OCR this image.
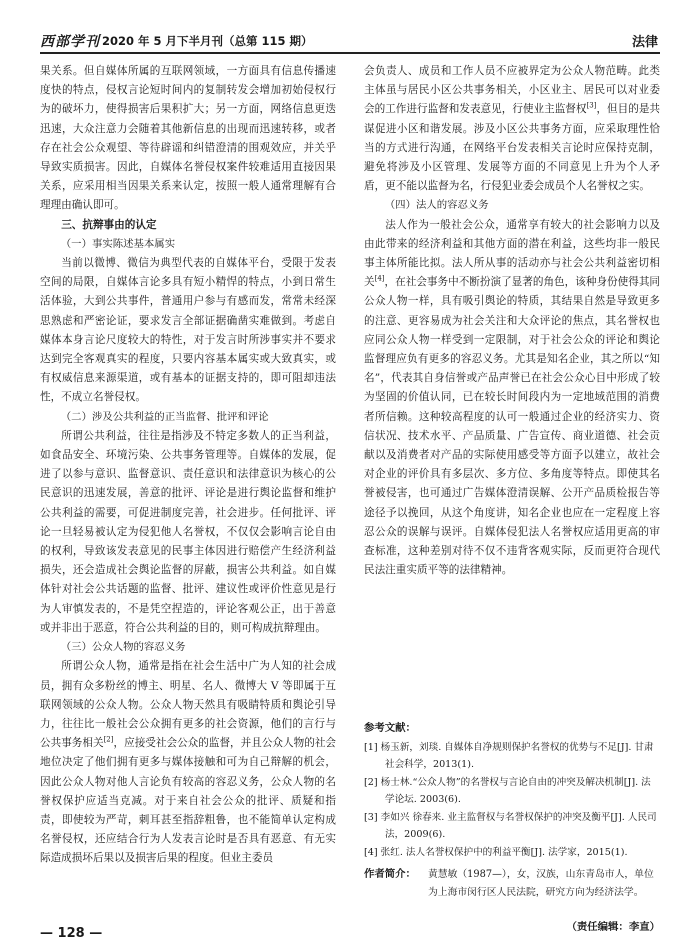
西部学刊 2020 年 5 月下半月刊（总第 115 期）	法律

果关系。但自媒体所属的互联网领域，一方面具有信息传播速度快的特点，侵权言论短时间内的复制转发会增加初始侵权行为的破坏力，使得损害后果积扩大；另一方面，网络信息更迭迅速，大众注意力会随着其他新信息的出现而迅速转移，或者存在社会公众观望、等待辟谣和纠错澄清的围观效应，并关乎导致实质损害。因此，自媒体名誉侵权案件较难适用直接因果关系，应采用相当因果关系来认定，按照一般人通常理解有合理理由确认即可。

三、抗辩事由的认定
（一）事实陈述基本属实

当前以微博、微信为典型代表的自媒体平台，受限于发表空间的局限，自媒体言论多具有短小精悍的特点，小到日常生活体验，大到公共事件，普通用户参与有感而发，常常未经深思熟虑和严密论证，要求发言全部证据确凿实难做到。考虑自媒体本身言论尺度较大的特性，对于发言时所涉事实并不要求达到完全客观真实的程度，只要内容基本属实或大致真实，或有权威信息来源渠道，或有基本的证据支持的，即可阻却违法性，不成立名誉侵权。

（二）涉及公共利益的正当监督、批评和评论

所谓公共利益，往往是指涉及不特定多数人的正当利益，如食品安全、环境污染、公共事务管理等。自媒体的发展，促进了以参与意识、监督意识、责任意识和法律意识为核心的公民意识的迅速发展，善意的批评、评论是进行舆论监督和维护公共利益的需要，可促进制度完善，社会进步。任何批评、评论一旦轻易被认定为侵犯他人名誉权，不仅仅会影响言论自由的权利，导致该发表意见的民事主体因进行赔偿产生经济利益损失，还会造成社会舆论监督的屏蔽，损害公共利益。如自媒体针对社会公共话题的监督、批评、建议性或评价性意见是行为人审慎发表的，不是凭空捏造的，评论客观公正，出于善意或并非出于恶意，符合公共利益的目的，则可构成抗辩理由。

（三）公众人物的容忍义务

所谓公众人物，通常是指在社会生活中广为人知的社会成员，拥有众多粉丝的博主、明星、名人、微博大 V 等即属于互联网领域的公众人物。公众人物天然具有吸睛特质和舆论引导力，往往比一般社会公众拥有更多的社会资源，他们的言行与公共事务相关[2]，应接受社会公众的监督，并且公众人物的社会地位决定了他们拥有更多与媒体接触和可为自己辩解的机会，因此公众人物对他人言论负有较高的容忍义务，公众人物的名誉权保护应适当克减。对于来自社会公众的批评、质疑和指责，即使较为严苛，刺耳甚至指辞粗鲁，也不能简单认定构成名誉侵权，还应结合行为人发表言论时是否具有恶意、有无实际造成损坏后果以及损害后果的程度。但业主委员

会负责人、成员和工作人员不应被界定为公众人物范畴。此类主体虽与居民小区公共事务相关，小区业主、居民可以对业委会的工作进行监督和发表意见，行使业主监督权[3]，但目的是共谋促进小区和谐发展。涉及小区公共事务方面，应采取理性恰当的方式进行沟通，在网络平台发表相关言论时应保持克制，避免将涉及小区管理、发展等方面的不同意见上升为个人矛盾，更不能以监督为名，行侵犯业委会成员个人名誉权之实。

（四）法人的容忍义务

法人作为一般社会公众，通常享有较大的社会影响力以及由此带来的经济利益和其他方面的潜在利益，这些均非一般民事主体所能比拟。法人所从事的活动亦与社会公共利益密切相关[4]，在社会事务中不断扮演了显著的角色，该种身份使得其同公众人物一样，具有吸引舆论的特质，其结果自然是导致更多的注意、更容易成为社会关注和大众评论的焦点，其名誉权也应同公众人物一样受到一定限制，对于社会公众的评论和舆论监督理应负有更多的容忍义务。尤其是知名企业，其之所以“知名”，代表其自身信誉或产品声誉已在社会公众心目中形成了较为坚固的价值认同，已在较长时间段内为一定地域范围的消费者所信赖。这种较高程度的认可一般通过企业的经济实力、资信状况、技术水平、产品质量、广告宣传、商业道德、社会贡献以及消费者对产品的实际使用感受等方面予以建立，故社会对企业的评价具有多层次、多方位、多角度等特点。即使其名誉被侵害，也可通过广告媒体澄清误解、公开产品质检报告等途径予以挽回，从这个角度讲，知名企业也应在一定程度上容忍公众的误解与误评。自媒体侵犯法人名誉权应适用更高的审查标准，这种差别对待不仅不违背客观实际，反而更符合现代民法注重实质平等的法律精神。

参考文献：

[1] 杨玉新，刘琰. 自媒体自净规则保护名誉权的优势与不足[J]. 甘肃社会科学，2013(1).

[2] 杨士林.“公众人物”的名誉权与言论自由的冲突及解决机制[J]. 法学论坛. 2003(6).

[3] 李如兴 徐春来. 业主监督权与名誉权保护的冲突及衡平[J]. 人民司法，2009(6).

[4] 张红. 法人名誉权保护中的利益平衡[J]. 法学家，2015(1).

作者简介： 黄慧敏（1987—），女，汉族，山东青岛市人，单位为上海市闵行区人民法院，研究方向为经济法学。
（责任编辑：李直）
— 128 —
